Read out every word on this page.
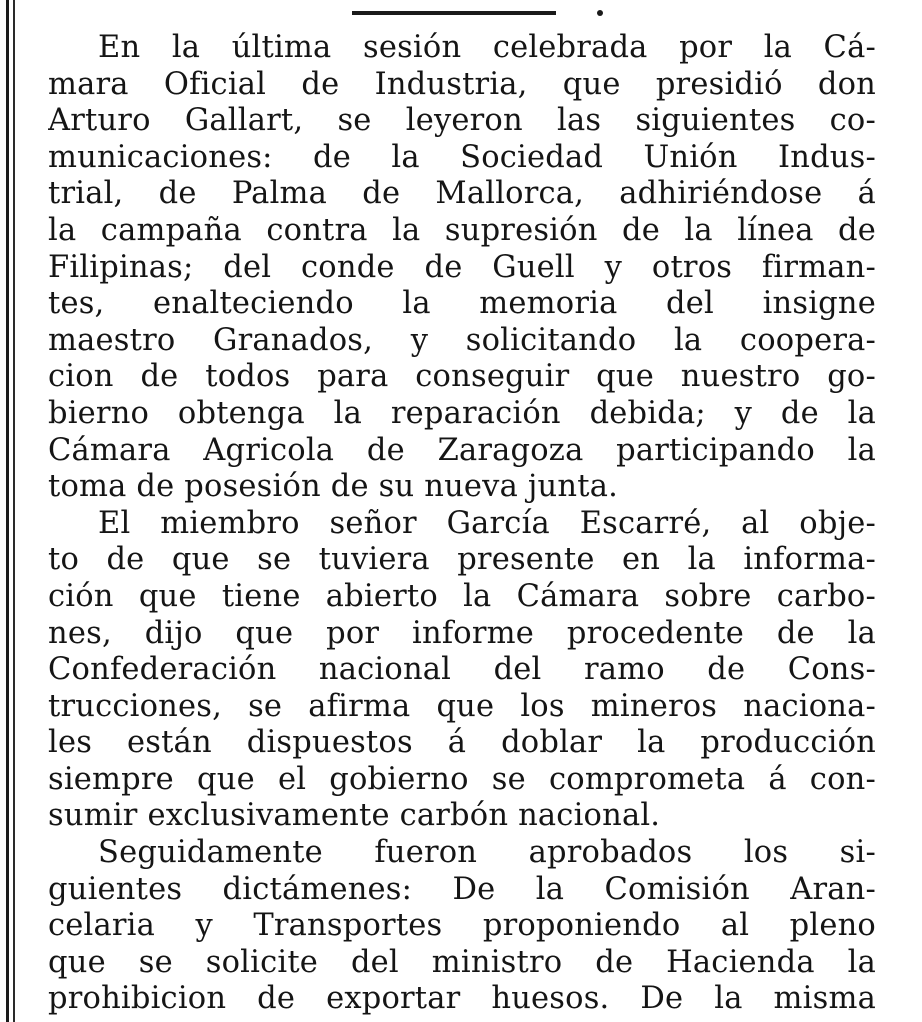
En la última sesión celebrada por la Cá-
mara Oficial de Industria, que presidió don
Arturo Gallart, se leyeron las siguientes co-
municaciones: de la Sociedad Unión Indus-
trial, de Palma de Mallorca, adhiriéndose á
la campaña contra la supresión de la línea de
Filipinas; del conde de Guell y otros firman-
tes, enalteciendo la memoria del insigne
maestro Granados, y solicitando la coopera-
cion de todos para conseguir que nuestro go-
bierno obtenga la reparación debida; y de la
Cámara Agricola de Zaragoza participando la
toma de posesión de su nueva junta.
El miembro señor García Escarré, al obje-
to de que se tuviera presente en la informa-
ción que tiene abierto la Cámara sobre carbo-
nes, dijo que por informe procedente de la
Confederación nacional del ramo de Cons-
trucciones, se afirma que los mineros naciona-
les están dispuestos á doblar la producción
siempre que el gobierno se comprometa á con-
sumir exclusivamente carbón nacional.
Seguidamente fueron aprobados los si-
guientes dictámenes: De la Comisión Aran-
celaria y Transportes proponiendo al pleno
que se solicite del ministro de Hacienda la
prohibicion de exportar huesos. De la misma
